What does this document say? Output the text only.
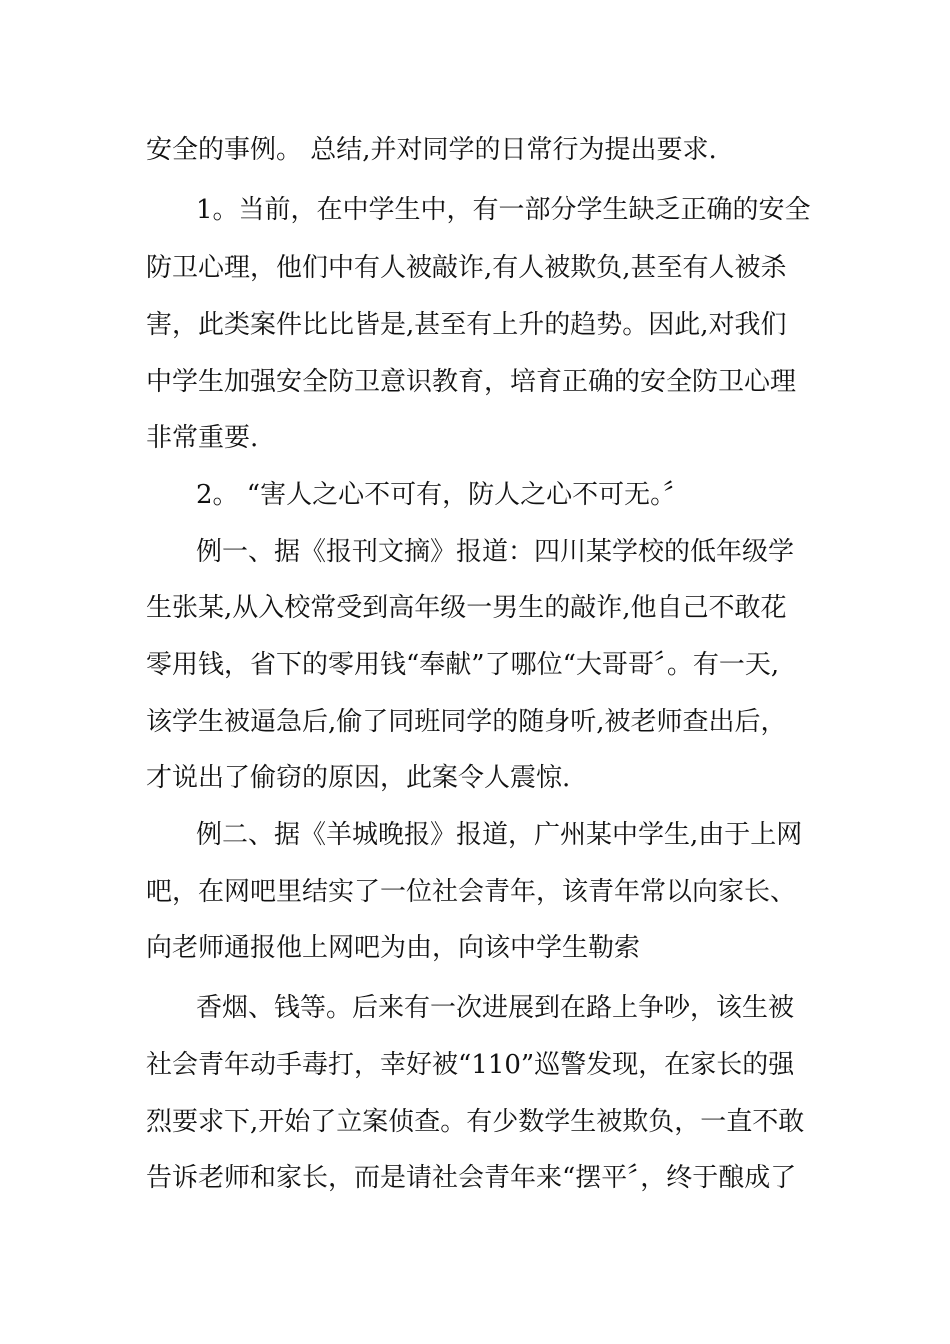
安全的事例。 总结,并对同学的日常行为提出要求.
1。当前，在中学生中，有一部分学生缺乏正确的安全
防卫心理，他们中有人被敲诈,有人被欺负,甚至有人被杀
害，此类案件比比皆是,甚至有上升的趋势。因此,对我们
中学生加强安全防卫意识教育，培育正确的安全防卫心理
非常重要.
2。 “害人之心不可有，防人之心不可无。〞
例一、据《报刊文摘》报道：四川某学校的低年级学
生张某,从入校常受到高年级一男生的敲诈,他自己不敢花
零用钱，省下的零用钱“奉献”了哪位“大哥哥〞。有一天,
该学生被逼急后,偷了同班同学的随身听,被老师查出后，
才说出了偷窃的原因，此案令人震惊.
例二、据《羊城晚报》报道，广州某中学生,由于上网
吧，在网吧里结实了一位社会青年，该青年常以向家长、
向老师通报他上网吧为由，向该中学生勒索
香烟、钱等。后来有一次进展到在路上争吵，该生被
社会青年动手毒打，幸好被“110”巡警发现，在家长的强
烈要求下,开始了立案侦查。有少数学生被欺负，一直不敢
告诉老师和家长，而是请社会青年来“摆平〞，终于酿成了
